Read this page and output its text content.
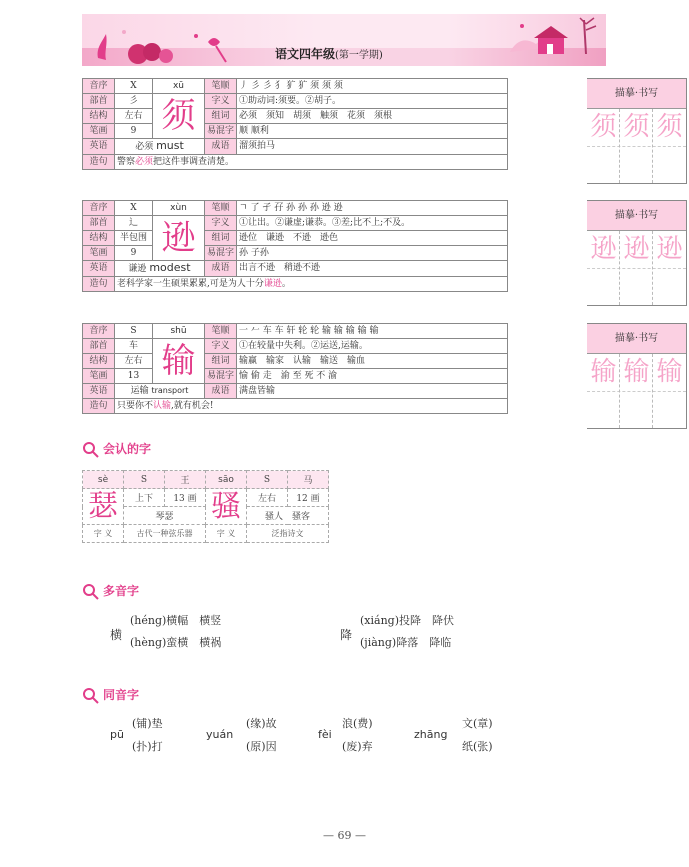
语文四年级(第一学期)
音序	X	xū	笔顺	丿 彡 彡 犭 犷 犷 须 须 须
部首	彡	须	字义	①助动词:须要。②胡子。
结构	左右		组词	必须　须知　胡须　触须　花须　须根
笔画	9		易混字	顺 顺利
英语	必须 must		成语	溜须拍马
造句	警察必须把这件事调查清楚。			
描摹·书写
须 须 须
音序	X	xùn	笔顺	ㄱ 了 孑 孖 孙 孙 孙 逊 逊
部首	辶	逊	字义	①让出。②谦虚;谦恭。③差;比不上;不及。
结构	半包围		组词	逊位　谦逊　不逊　逊色
笔画	9		易混字	孙 子孙
英语	谦逊 modest		成语	出言不逊　稍逊不逊
造句	老科学家一生硕果累累,可是为人十分谦逊。			
描摹·书写
逊 逊 逊
音序	S	shū	笔顺	一 𠂉 车 车 轩 轮 轮 输 输 输 输 输
部首	车	输	字义	①在较量中失利。②运送,运输。
结构	左右		组词	输赢　输家　认输　输送　输血
笔画	13		易混字	愉 偷 走　渝 至 死 不 渝
英语	运输 transport		成语	满盘皆输
造句	只要你不认输,就有机会!			
描摹·书写
输 输 输
会认的字
sè	S	王	sāo	S	马
瑟	上下	13 画	骚	左右	12 画
	琴瑟			骚人　骚客	
字 义	古代一种弦乐器		字 义	泛指诗文	
多音字
横
(héng)横幅　横竖
(hèng)蛮横　横祸
降
(xiáng)投降　降伏
(jiàng)降落　降临
同音字
pū
(铺)垫
(扑)打
yuán
(缘)故
(原)因
fèi
浪(费)
(废)弃
zhāng
文(章)
纸(张)
— 69 —
